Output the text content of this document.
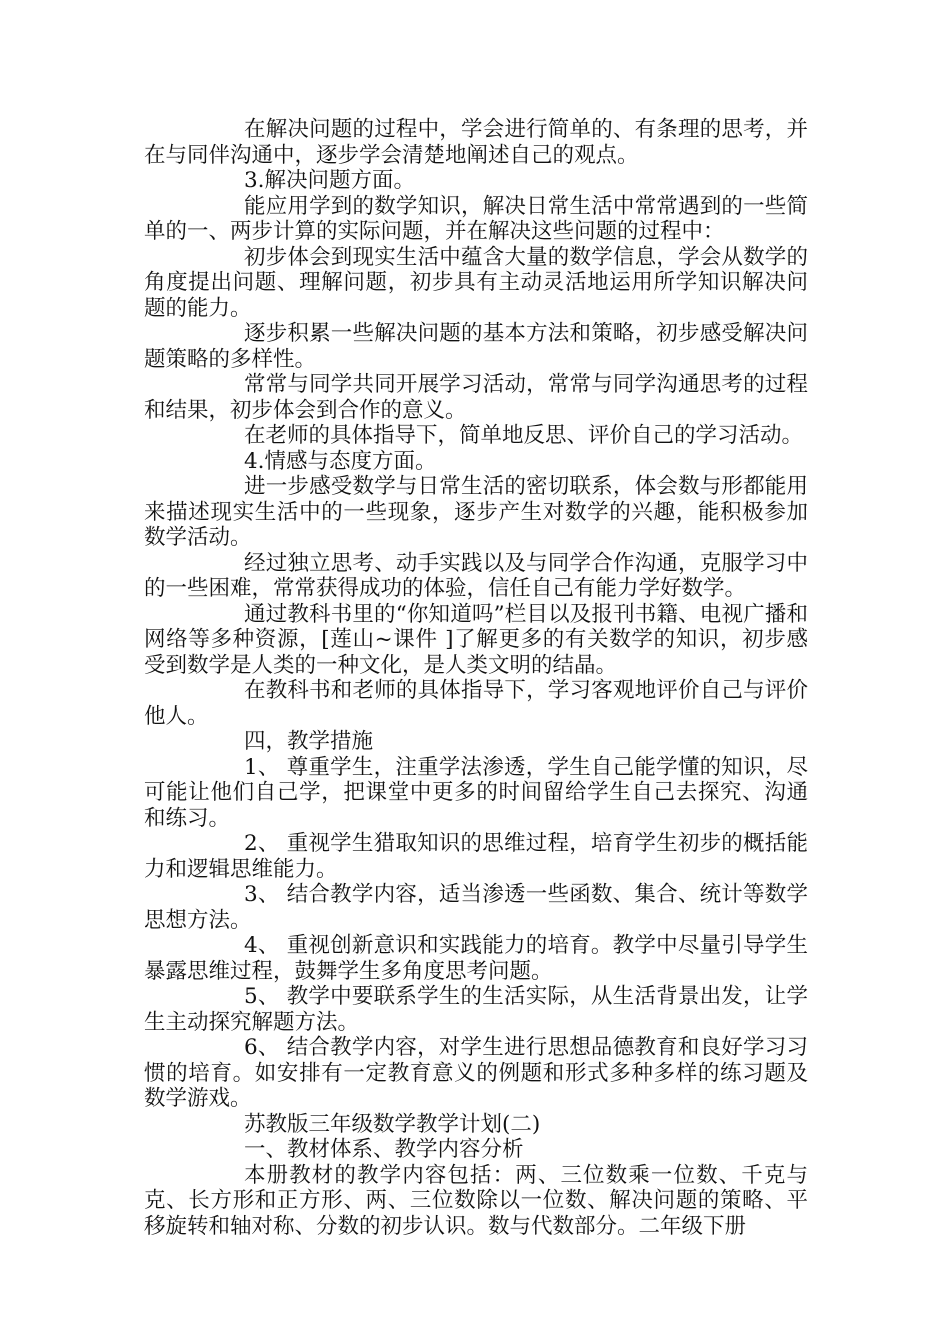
在解决问题的过程中，学会进行简单的、有条理的思考，并在与同伴沟通中，逐步学会清楚地阐述自己的观点。

3.解决问题方面。

能应用学到的数学知识，解决日常生活中常常遇到的一些简单的一、两步计算的实际问题，并在解决这些问题的过程中：

初步体会到现实生活中蕴含大量的数学信息，学会从数学的角度提出问题、理解问题，初步具有主动灵活地运用所学知识解决问题的能力。

逐步积累一些解决问题的基本方法和策略，初步感受解决问题策略的多样性。

常常与同学共同开展学习活动，常常与同学沟通思考的过程和结果，初步体会到合作的意义。

在老师的具体指导下，简单地反思、评价自己的学习活动。

4.情感与态度方面。

进一步感受数学与日常生活的密切联系，体会数与形都能用来描述现实生活中的一些现象，逐步产生对数学的兴趣，能积极参加数学活动。

经过独立思考、动手实践以及与同学合作沟通，克服学习中的一些困难，常常获得成功的体验，信任自己有能力学好数学。

通过教科书里的“你知道吗”栏目以及报刊书籍、电视广播和网络等多种资源，[莲山~课件 ]了解更多的有关数学的知识，初步感受到数学是人类的一种文化，是人类文明的结晶。

在教科书和老师的具体指导下，学习客观地评价自己与评价他人。

四，教学措施

1、 尊重学生，注重学法渗透，学生自己能学懂的知识，尽可能让他们自己学，把课堂中更多的时间留给学生自己去探究、沟通和练习。

2、 重视学生猎取知识的思维过程，培育学生初步的概括能力和逻辑思维能力。

3、 结合教学内容，适当渗透一些函数、集合、统计等数学思想方法。

4、 重视创新意识和实践能力的培育。教学中尽量引导学生暴露思维过程，鼓舞学生多角度思考问题。

5、 教学中要联系学生的生活实际，从生活背景出发，让学生主动探究解题方法。

6、 结合教学内容，对学生进行思想品德教育和良好学习习惯的培育。如安排有一定教育意义的例题和形式多种多样的练习题及数学游戏。

苏教版三年级数学教学计划(二)

一、教材体系、教学内容分析

本册教材的教学内容包括：两、三位数乘一位数、千克与克、长方形和正方形、两、三位数除以一位数、解决问题的策略、平移旋转和轴对称、分数的初步认识。数与代数部分。二年级下册
